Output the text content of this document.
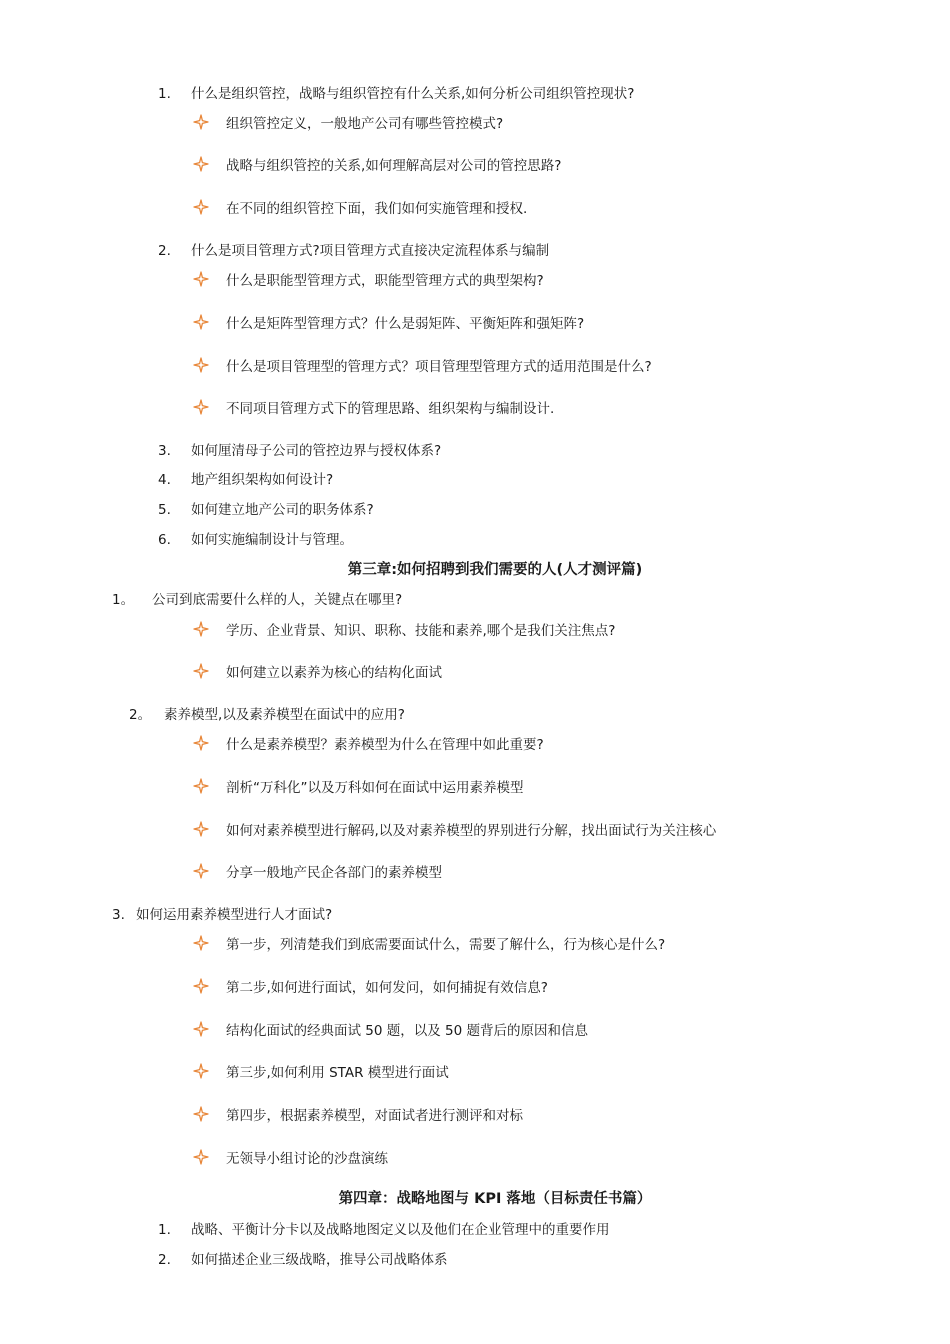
1. 什么是组织管控，战略与组织管控有什么关系,如何分析公司组织管控现状?
组织管控定义，一般地产公司有哪些管控模式?
战略与组织管控的关系,如何理解高层对公司的管控思路?
在不同的组织管控下面，我们如何实施管理和授权.
2. 什么是项目管理方式?项目管理方式直接决定流程体系与编制
什么是职能型管理方式，职能型管理方式的典型架构?
什么是矩阵型管理方式？什么是弱矩阵、平衡矩阵和强矩阵?
什么是项目管理型的管理方式？项目管理型管理方式的适用范围是什么?
不同项目管理方式下的管理思路、组织架构与编制设计.
3. 如何厘清母子公司的管控边界与授权体系?
4. 地产组织架构如何设计?
5. 如何建立地产公司的职务体系?
6. 如何实施编制设计与管理。
第三章:如何招聘到我们需要的人(人才测评篇)
1。 公司到底需要什么样的人，关键点在哪里?
学历、企业背景、知识、职称、技能和素养,哪个是我们关注焦点?
如何建立以素养为核心的结构化面试
2。 素养模型,以及素养模型在面试中的应用?
什么是素养模型？素养模型为什么在管理中如此重要?
剖析“万科化”以及万科如何在面试中运用素养模型
如何对素养模型进行解码,以及对素养模型的界别进行分解，找出面试行为关注核心
分享一般地产民企各部门的素养模型
3. 如何运用素养模型进行人才面试?
第一步，列清楚我们到底需要面试什么，需要了解什么，行为核心是什么?
第二步,如何进行面试，如何发问，如何捕捉有效信息?
结构化面试的经典面试 50 题，以及 50 题背后的原因和信息
第三步,如何利用 STAR 模型进行面试
第四步，根据素养模型，对面试者进行测评和对标
无领导小组讨论的沙盘演练
第四章：战略地图与 KPI 落地（目标责任书篇）
1. 战略、平衡计分卡以及战略地图定义以及他们在企业管理中的重要作用
2. 如何描述企业三级战略，推导公司战略体系
